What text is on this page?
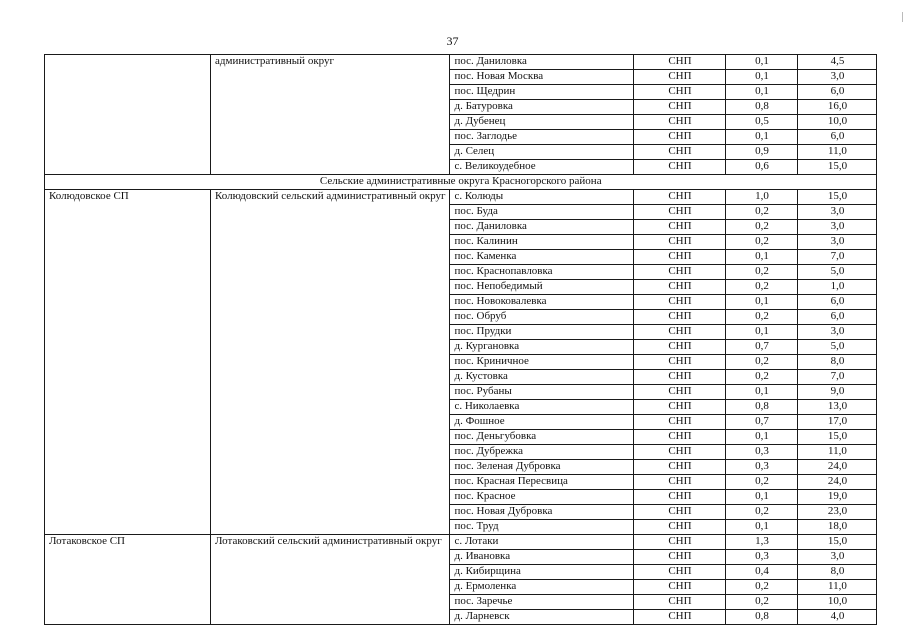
37
	административный округ	пос. Даниловка	СНП	0,1	4,5
		пос. Новая Москва	СНП	0,1	3,0
		пос. Щедрин	СНП	0,1	6,0
		д. Батуровка	СНП	0,8	16,0
		д. Дубенец	СНП	0,5	10,0
		пос. Заглодье	СНП	0,1	6,0
		д. Селец	СНП	0,9	11,0
		с. Великоудебное	СНП	0,6	15,0
Сельские административные округа Красногорского района					
Колюдовское СП	Колюдовский сельский административный округ	с. Колюды	СНП	1,0	15,0
		пос. Буда	СНП	0,2	3,0
		пос. Даниловка	СНП	0,2	3,0
		пос. Калинин	СНП	0,2	3,0
		пос. Каменка	СНП	0,1	7,0
		пос. Краснопавловка	СНП	0,2	5,0
		пос. Непобедимый	СНП	0,2	1,0
		пос. Новоковалевка	СНП	0,1	6,0
		пос. Обруб	СНП	0,2	6,0
		пос. Прудки	СНП	0,1	3,0
		д. Кургановка	СНП	0,7	5,0
		пос. Криничное	СНП	0,2	8,0
		д. Кустовка	СНП	0,2	7,0
		пос. Рубаны	СНП	0,1	9,0
		с. Николаевка	СНП	0,8	13,0
		д. Фошное	СНП	0,7	17,0
		пос. Деньгубовка	СНП	0,1	15,0
		пос. Дубрежка	СНП	0,3	11,0
		пос. Зеленая Дубровка	СНП	0,3	24,0
		пос. Красная Пересвица	СНП	0,2	24,0
		пос. Красное	СНП	0,1	19,0
		пос. Новая Дубровка	СНП	0,2	23,0
		пос. Труд	СНП	0,1	18,0
Лотаковское СП	Лотаковский сельский административный округ	с. Лотаки	СНП	1,3	15,0
		д. Ивановка	СНП	0,3	3,0
		д. Кибирщина	СНП	0,4	8,0
		д. Ермоленка	СНП	0,2	11,0
		пос. Заречье	СНП	0,2	10,0
		д. Ларневск	СНП	0,8	4,0
